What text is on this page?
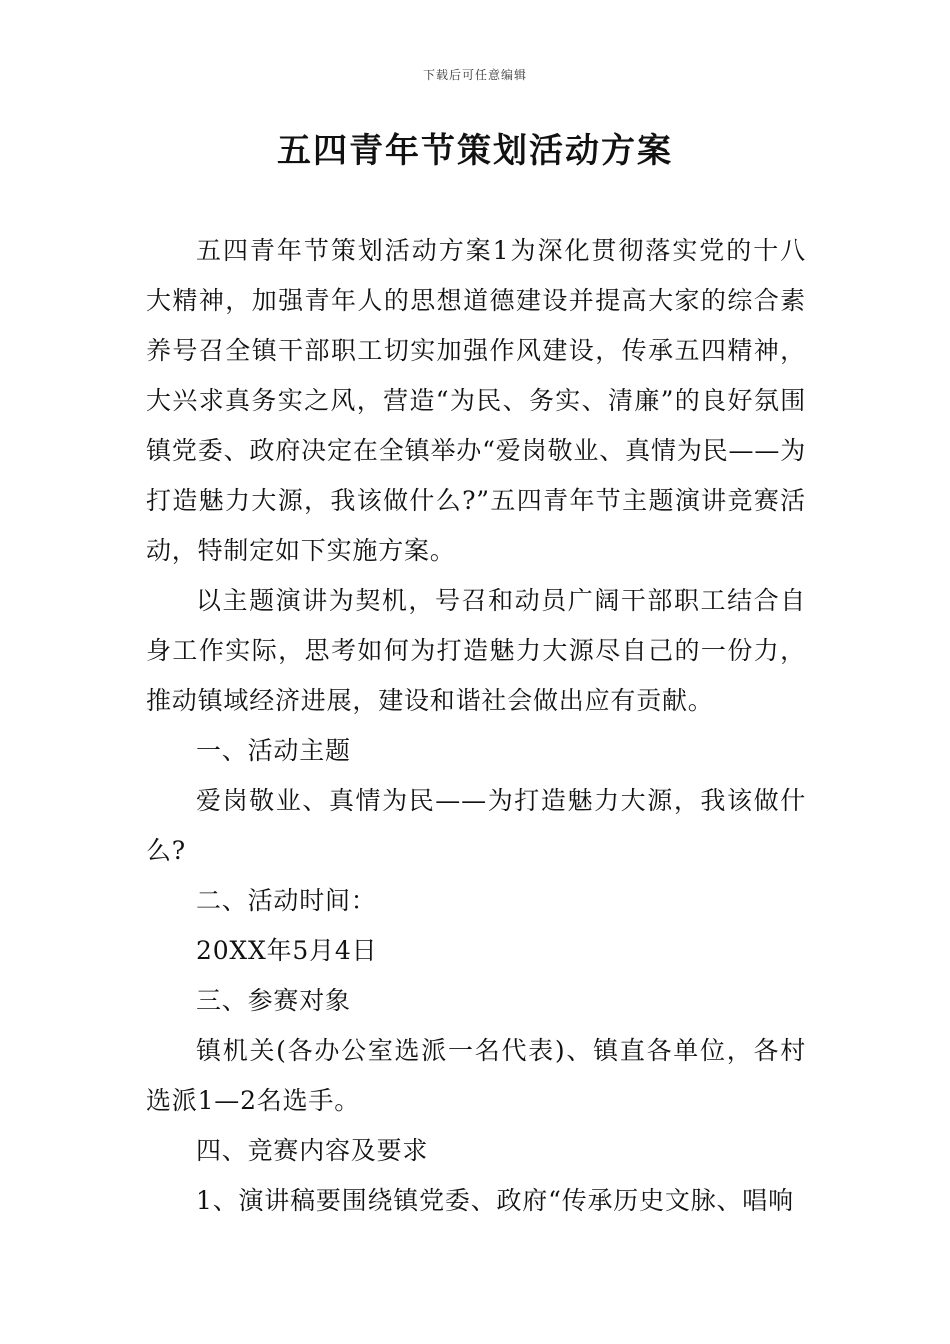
下载后可任意编辑
五四青年节策划活动方案

五四青年节策划活动方案1为深化贯彻落实党的十八大精神，加强青年人的思想道德建设并提高大家的综合素养号召全镇干部职工切实加强作风建设，传承五四精神，大兴求真务实之风，营造“为民、务实、清廉”的良好氛围镇党委、政府决定在全镇举办“爱岗敬业、真情为民——为打造魅力大源，我该做什么?”五四青年节主题演讲竞赛活动，特制定如下实施方案。

以主题演讲为契机，号召和动员广阔干部职工结合自身工作实际，思考如何为打造魅力大源尽自己的一份力，推动镇域经济进展，建设和谐社会做出应有贡献。

一、活动主题

爱岗敬业、真情为民——为打造魅力大源，我该做什么?

二、活动时间：

20XX年5月4日

三、参赛对象

镇机关(各办公室选派一名代表)、镇直各单位，各村选派1—2名选手。

四、竞赛内容及要求

1、演讲稿要围绕镇党委、政府“传承历史文脉、唱响
